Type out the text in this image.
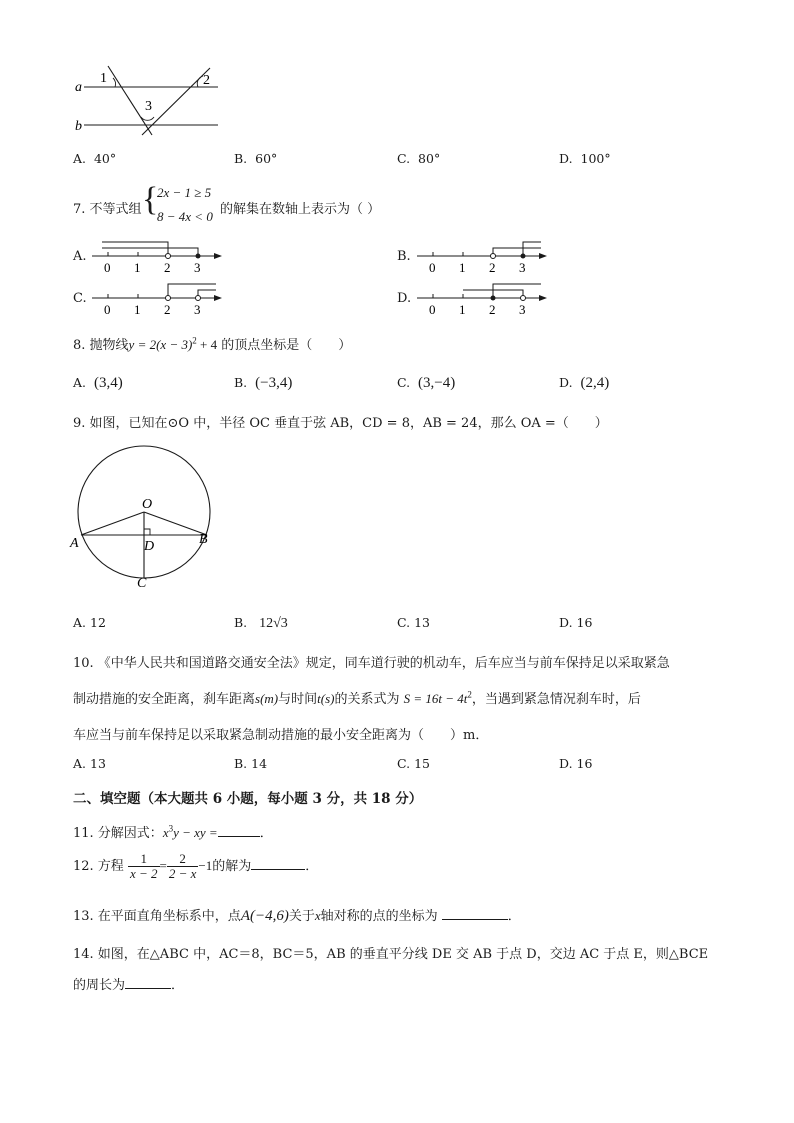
a
b
1	2
3
A. 40°	B. 60°	C. 80°	D. 100°
7. 不等式组 {
2x − 1 ≥ 5
8 − 4x < 0 的解集在数轴上表示为（ ）
A.
0 1 2 3
B.
0 1 2 3
C.
0 1 2 3
D.
0 1 2 3
8. 抛物线$y = 2(x - 3)^2 + 4$ 的顶点坐标是（　　）
A. (3,4)	B. (−3,4)	C. (3,−4)	D. (2,4)
9. 如图，已知在⊙O 中，半径 OC 垂直于弦 AB，CD = 8，AB = 24，那么 OA =（　　）
O
A	B
D
C
A. 12	B. 12√3	C. 13	D. 16
10. 《中华人民共和国道路交通安全法》规定，同车道行驶的机动车，后车应当与前车保持足以采取紧急
制动措施的安全距离，刹车距离s(m)与时间t(s)的关系式为 $S = 16t - 4t^2$，当遇到紧急情况刹车时，后
车应当与前车保持足以采取紧急制动措施的最小安全距离为（　　）m．
A. 13	B. 14	C. 15	D. 16
二、填空题（本大题共 6 小题，每小题 3 分，共 18 分）
11. 分解因式：$x^3y$ − xy =	．
12. 方程 $\frac{1}{x - 2} = \frac{2}{2 - x} -1$的解为	．
13. 在平面直角坐标系中，点A(−4,6)关于x轴对称的点的坐标为	．
14. 如图，在△ABC 中，AC＝8，BC＝5，AB 的垂直平分线 DE 交 AB 于点 D，交边 AC 于点 E，则△BCE
的周长为	．
